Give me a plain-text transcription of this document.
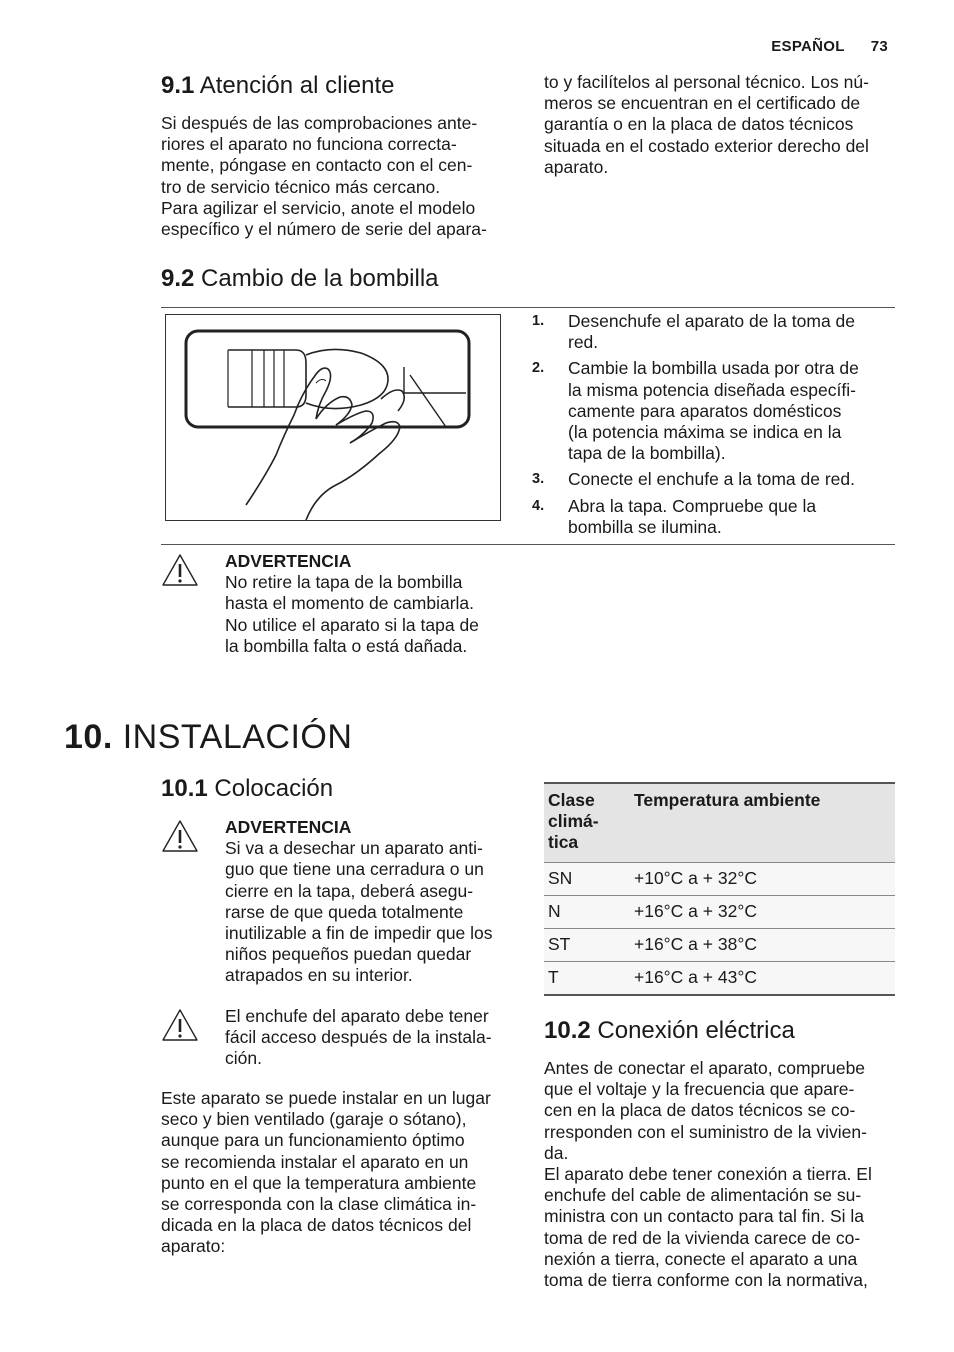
ESPAÑOL 73
9.1 Atención al cliente
Si después de las comprobaciones ante-
riores el aparato no funciona correcta-
mente, póngase en contacto con el cen-
tro de servicio técnico más cercano.
Para agilizar el servicio, anote el modelo
específico y el número de serie del apara-
to y facilítelos al personal técnico. Los nú-
meros se encuentran en el certificado de
garantía o en la placa de datos técnicos
situada en el costado exterior derecho del
aparato.
9.2 Cambio de la bombilla
1. Desenchufe el aparato de la toma de
red.
2. Cambie la bombilla usada por otra de
la misma potencia diseñada específi-
camente para aparatos domésticos
(la potencia máxima se indica en la
tapa de la bombilla).
3. Conecte el enchufe a la toma de red.
4. Abra la tapa. Compruebe que la
bombilla se ilumina.
ADVERTENCIA
No retire la tapa de la bombilla
hasta el momento de cambiarla.
No utilice el aparato si la tapa de
la bombilla falta o está dañada.
10. INSTALACIÓN
10.1 Colocación
ADVERTENCIA
Si va a desechar un aparato anti-
guo que tiene una cerradura o un
cierre en la tapa, deberá asegu-
rarse de que queda totalmente
inutilizable a fin de impedir que los
niños pequeños puedan quedar
atrapados en su interior.
El enchufe del aparato debe tener
fácil acceso después de la instala-
ción.
Este aparato se puede instalar en un lugar
seco y bien ventilado (garaje o sótano),
aunque para un funcionamiento óptimo
se recomienda instalar el aparato en un
punto en el que la temperatura ambiente
se corresponda con la clase climática in-
dicada en la placa de datos técnicos del
aparato:
Clase
climá-
tica	Temperatura ambiente
SN	+10°C a + 32°C
N	+16°C a + 32°C
ST	+16°C a + 38°C
T	+16°C a + 43°C
10.2 Conexión eléctrica
Antes de conectar el aparato, compruebe
que el voltaje y la frecuencia que apare-
cen en la placa de datos técnicos se co-
rresponden con el suministro de la vivien-
da.
El aparato debe tener conexión a tierra. El
enchufe del cable de alimentación se su-
ministra con un contacto para tal fin. Si la
toma de red de la vivienda carece de co-
nexión a tierra, conecte el aparato a una
toma de tierra conforme con la normativa,
